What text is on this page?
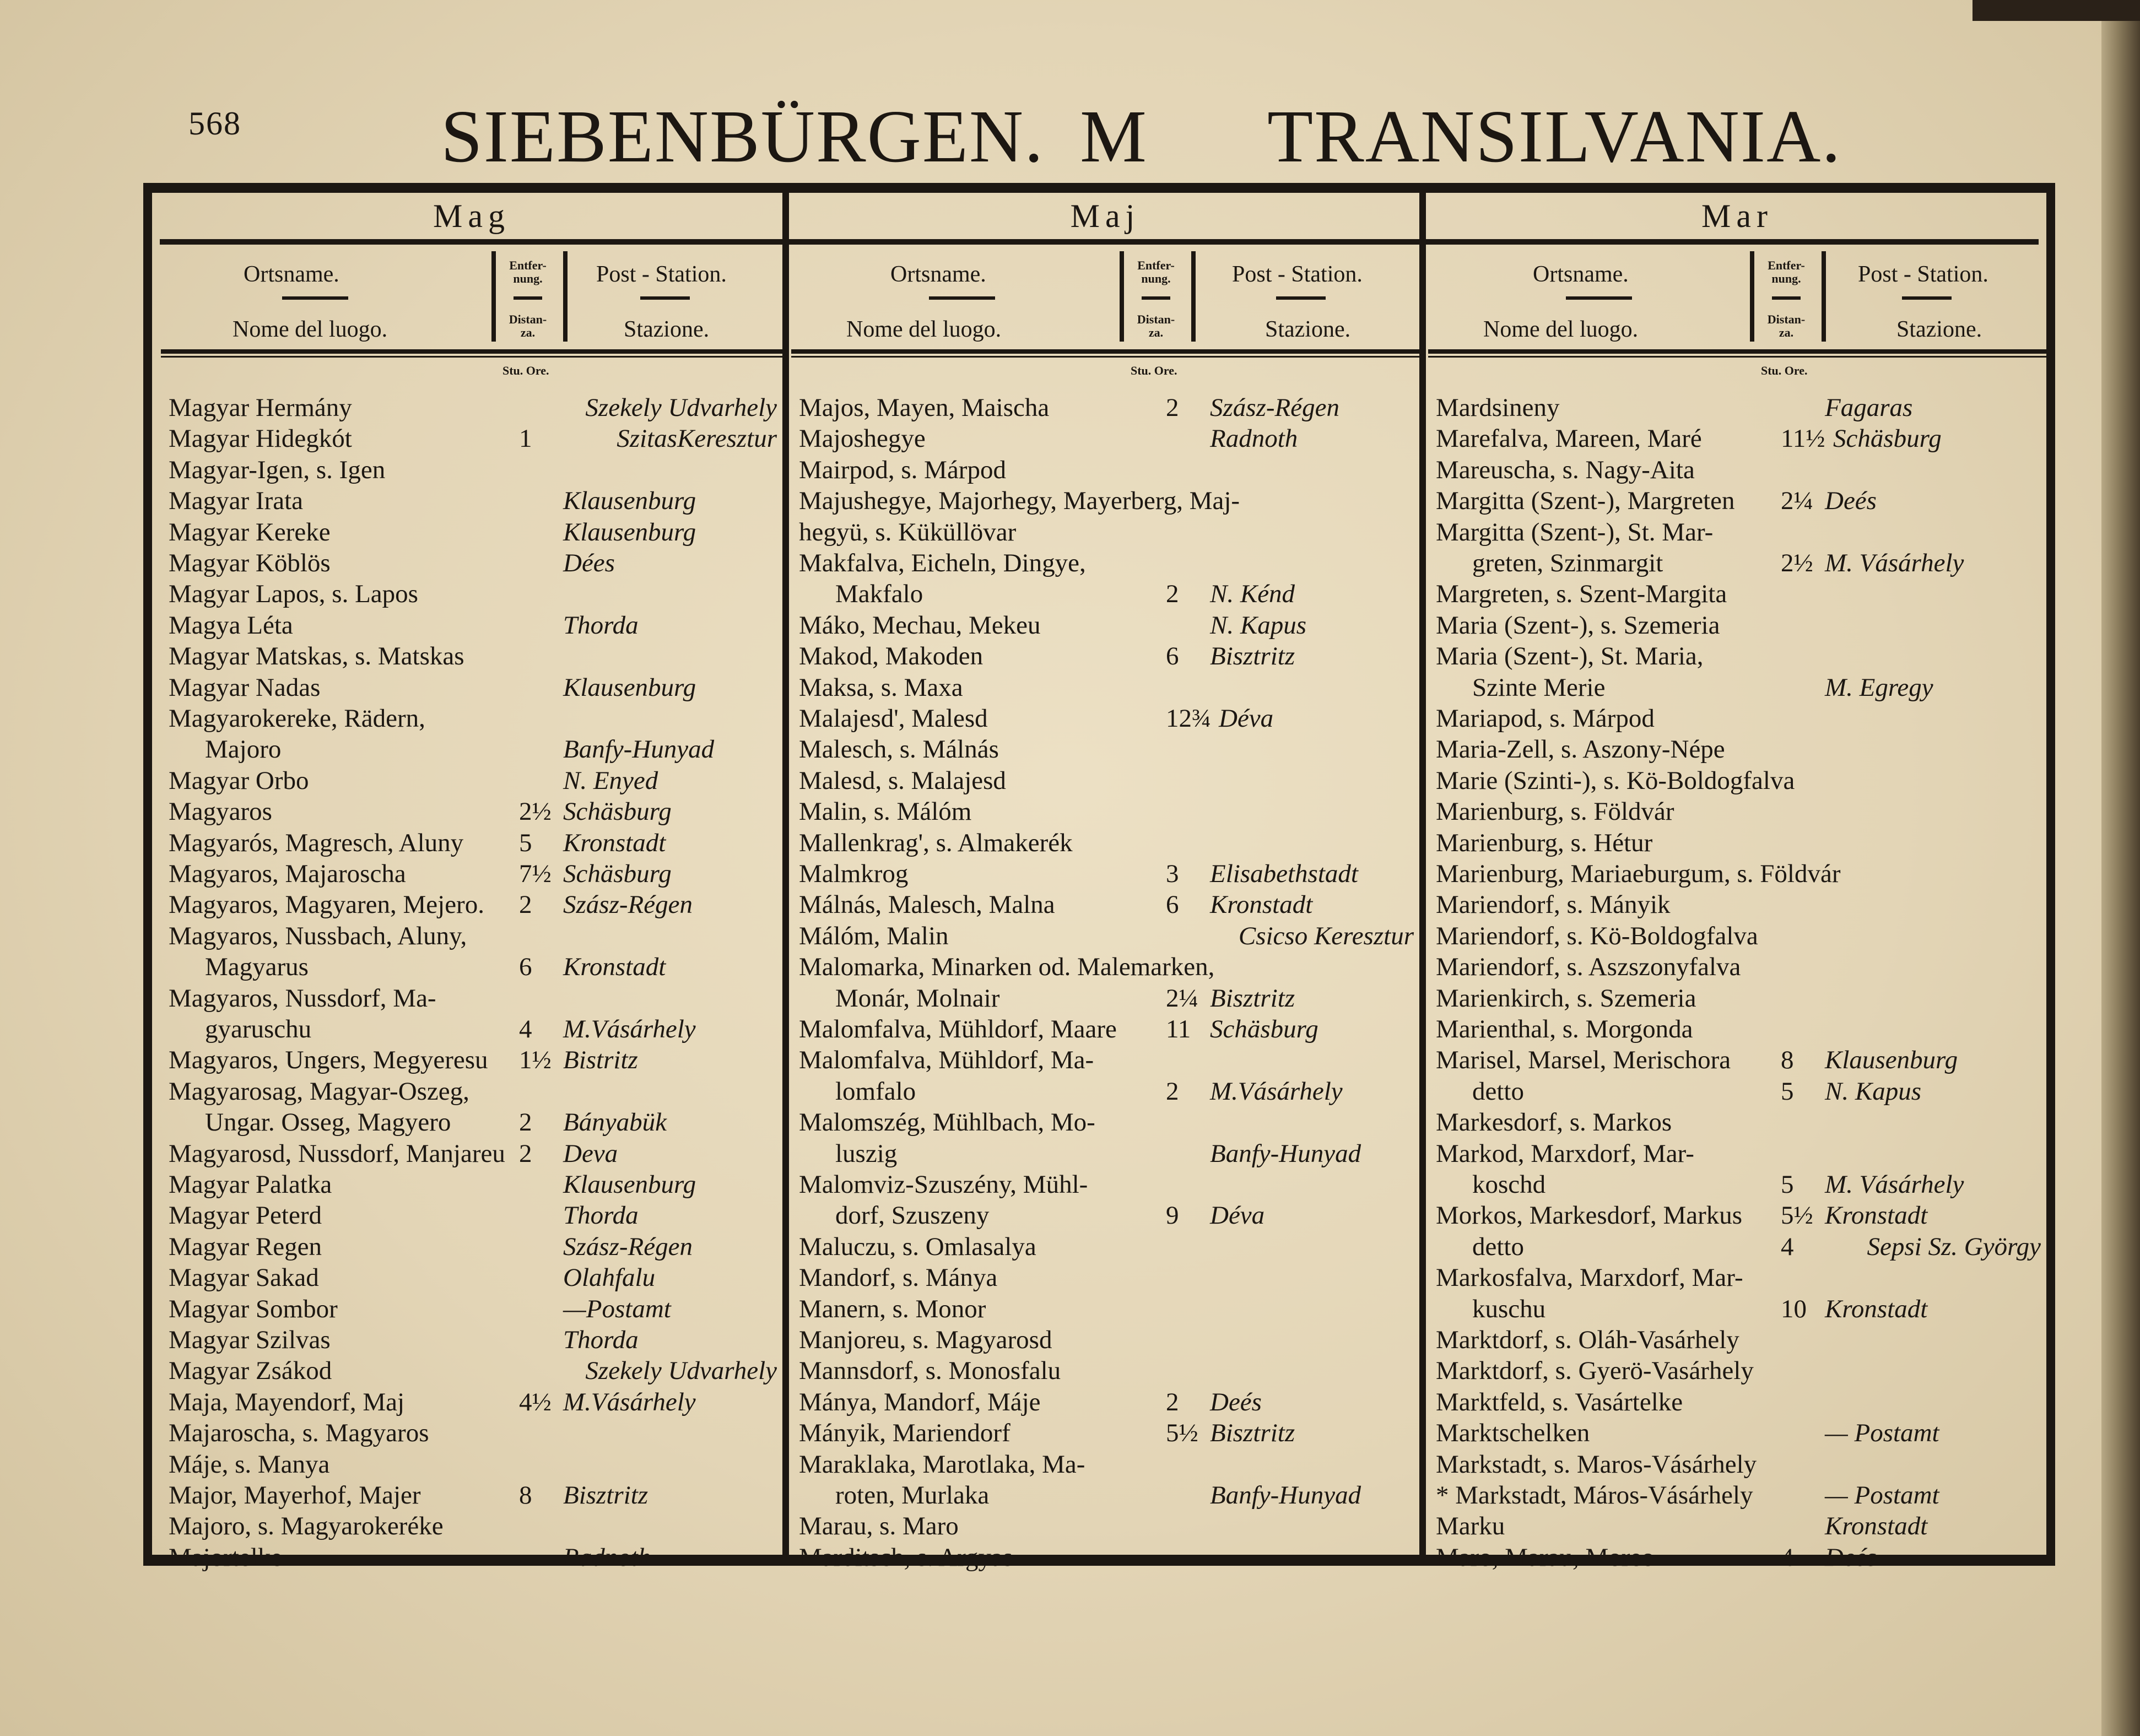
568	SIEBENBÜRGEN. M TRANSILVANIA.
Mag
Ortsname.
Nome del luogo.
Entfer-
nung.
Distan-
za.
Post - Station.
Stazione.
Stu. Ore.
Magyar Hermány	Szekely Udvarhely
Magyar Hidegkót	1	SzitasKeresztur
Magyar-Igen, s. Igen
Magyar Irata	Klausenburg
Magyar Kereke	Klausenburg
Magyar Köblös	Dées
Magyar Lapos, s. Lapos
Magya Léta	Thorda
Magyar Matskas, s. Matskas
Magyar Nadas	Klausenburg
Magyarokereke, Rädern,
Majoro	Banfy-Hunyad
Magyar Orbo	N. Enyed
Magyaros	2½ Schäsburg
Magyarós, Magresch, Aluny 5 Kronstadt
Magyaros, Majaroscha	7½ Schäsburg
Magyaros, Magyaren, Mejero. 2 Szász-Régen
Magyaros, Nussbach, Aluny,
Magyarus	6 Kronstadt
Magyaros, Nussdorf, Ma-
gyaruschu	4 M.Vásárhely
Magyaros, Ungers, Megyeresu 1½ Bistritz
Magyarosag, Magyar-Oszeg,
Ungar. Osseg, Magyero	2 Bányabük
Magyarosd, Nussdorf, Manjareu 2 Deva
Magyar Palatka	Klausenburg
Magyar Peterd	Thorda
Magyar Regen	Szász-Régen
Magyar Sakad	Olahfalu
Magyar Sombor	—Postamt
Magyar Szilvas	Thorda
Magyar Zsákod	Szekely Udvarhely
Maja, Mayendorf, Maj	4½ M.Vásárhely
Majaroscha, s. Magyaros
Máje, s. Manya
Major, Mayerhof, Majer	8 Bisztritz
Majoro, s. Magyarokeréke
Majortelke	Radnoth
Maj
Ortsname.
Nome del luogo.
Entfer-
nung.
Distan-
za.
Post - Station.
Stazione.
Stu. Ore.
Majos, Mayen, Maischa	2 Szász-Régen
Majoshegye	Radnoth
Mairpod, s. Márpod
Majushegye, Majorhegy, Mayerberg, Maj-
hegyü, s. Küküllövar
Makfalva, Eicheln, Dingye,
Makfalo	2 N. Kénd
Máko, Mechau, Mekeu	N. Kapus
Makod, Makoden	6 Bisztritz
Maksa, s. Maxa
Malajesd', Malesd	12¾ Déva
Malesch, s. Málnás
Malesd, s. Malajesd
Malin, s. Málóm
Mallenkrag', s. Almakerék
Malmkrog	3 Elisabethstadt
Málnás, Malesch, Malna	6 Kronstadt
Málóm, Malin	Csicso Keresztur
Malomarka, Minarken od. Malemarken,
Monár, Molnair	2¼ Bisztritz
Malomfalva, Mühldorf, Maare 11 Schäsburg
Malomfalva, Mühldorf, Ma-
lomfalo	2 M.Vásárhely
Malomszég, Mühlbach, Mo-
luszig	Banfy-Hunyad
Malomviz-Szuszény, Mühl-
dorf, Szuszeny	9 Déva
Maluczu, s. Omlasalya
Mandorf, s. Mánya
Manern, s. Monor
Manjoreu, s. Magyarosd
Mannsdorf, s. Monosfalu
Mánya, Mandorf, Máje	2 Deés
Mányik, Mariendorf	5½ Bisztritz
Maraklaka, Marotlaka, Ma-
roten, Murlaka	Banfy-Hunyad
Marau, s. Maro
Marditsch, s. Argyas
Mar
Ortsname.
Nome del luogo.
Entfer-
nung.
Distan-
za.
Post - Station.
Stazione.
Stu. Ore.
Mardsineny	Fagaras
Marefalva, Mareen, Maré	11½ Schäsburg
Mareuscha, s. Nagy-Aita
Margitta (Szent-), Margreten 2¼ Deés
Margitta (Szent-), St. Mar-
greten, Szinmargit	2½ M. Vásárhely
Margreten, s. Szent-Margita
Maria (Szent-), s. Szemeria
Maria (Szent-), St. Maria,
Szinte Merie	M. Egregy
Mariapod, s. Márpod
Maria-Zell, s. Aszony-Népe
Marie (Szinti-), s. Kö-Boldogfalva
Marienburg, s. Földvár
Marienburg, s. Hétur
Marienburg, Mariaeburgum, s. Földvár
Mariendorf, s. Mányik
Mariendorf, s. Kö-Boldogfalva
Mariendorf, s. Aszszonyfalva
Marienkirch, s. Szemeria
Marienthal, s. Morgonda
Marisel, Marsel, Merischora 8 Klausenburg
detto	5 N. Kapus
Markesdorf, s. Markos
Markod, Marxdorf, Mar-
koschd	5 M. Vásárhely
Morkos, Markesdorf, Markus 5½ Kronstadt
detto	4	Sepsi Sz. György
Markosfalva, Marxdorf, Mar-
kuschu	10 Kronstadt
Marktdorf, s. Oláh-Vasárhely
Marktdorf, s. Gyerö-Vasárhely
Marktfeld, s. Vasártelke
Marktschelken	— Postamt
Markstadt, s. Maros-Vásárhely
* Markstadt, Máros-Vásárhely	— Postamt
Marku	Kronstadt
Maro, Marau, Moreo	4 Deés
